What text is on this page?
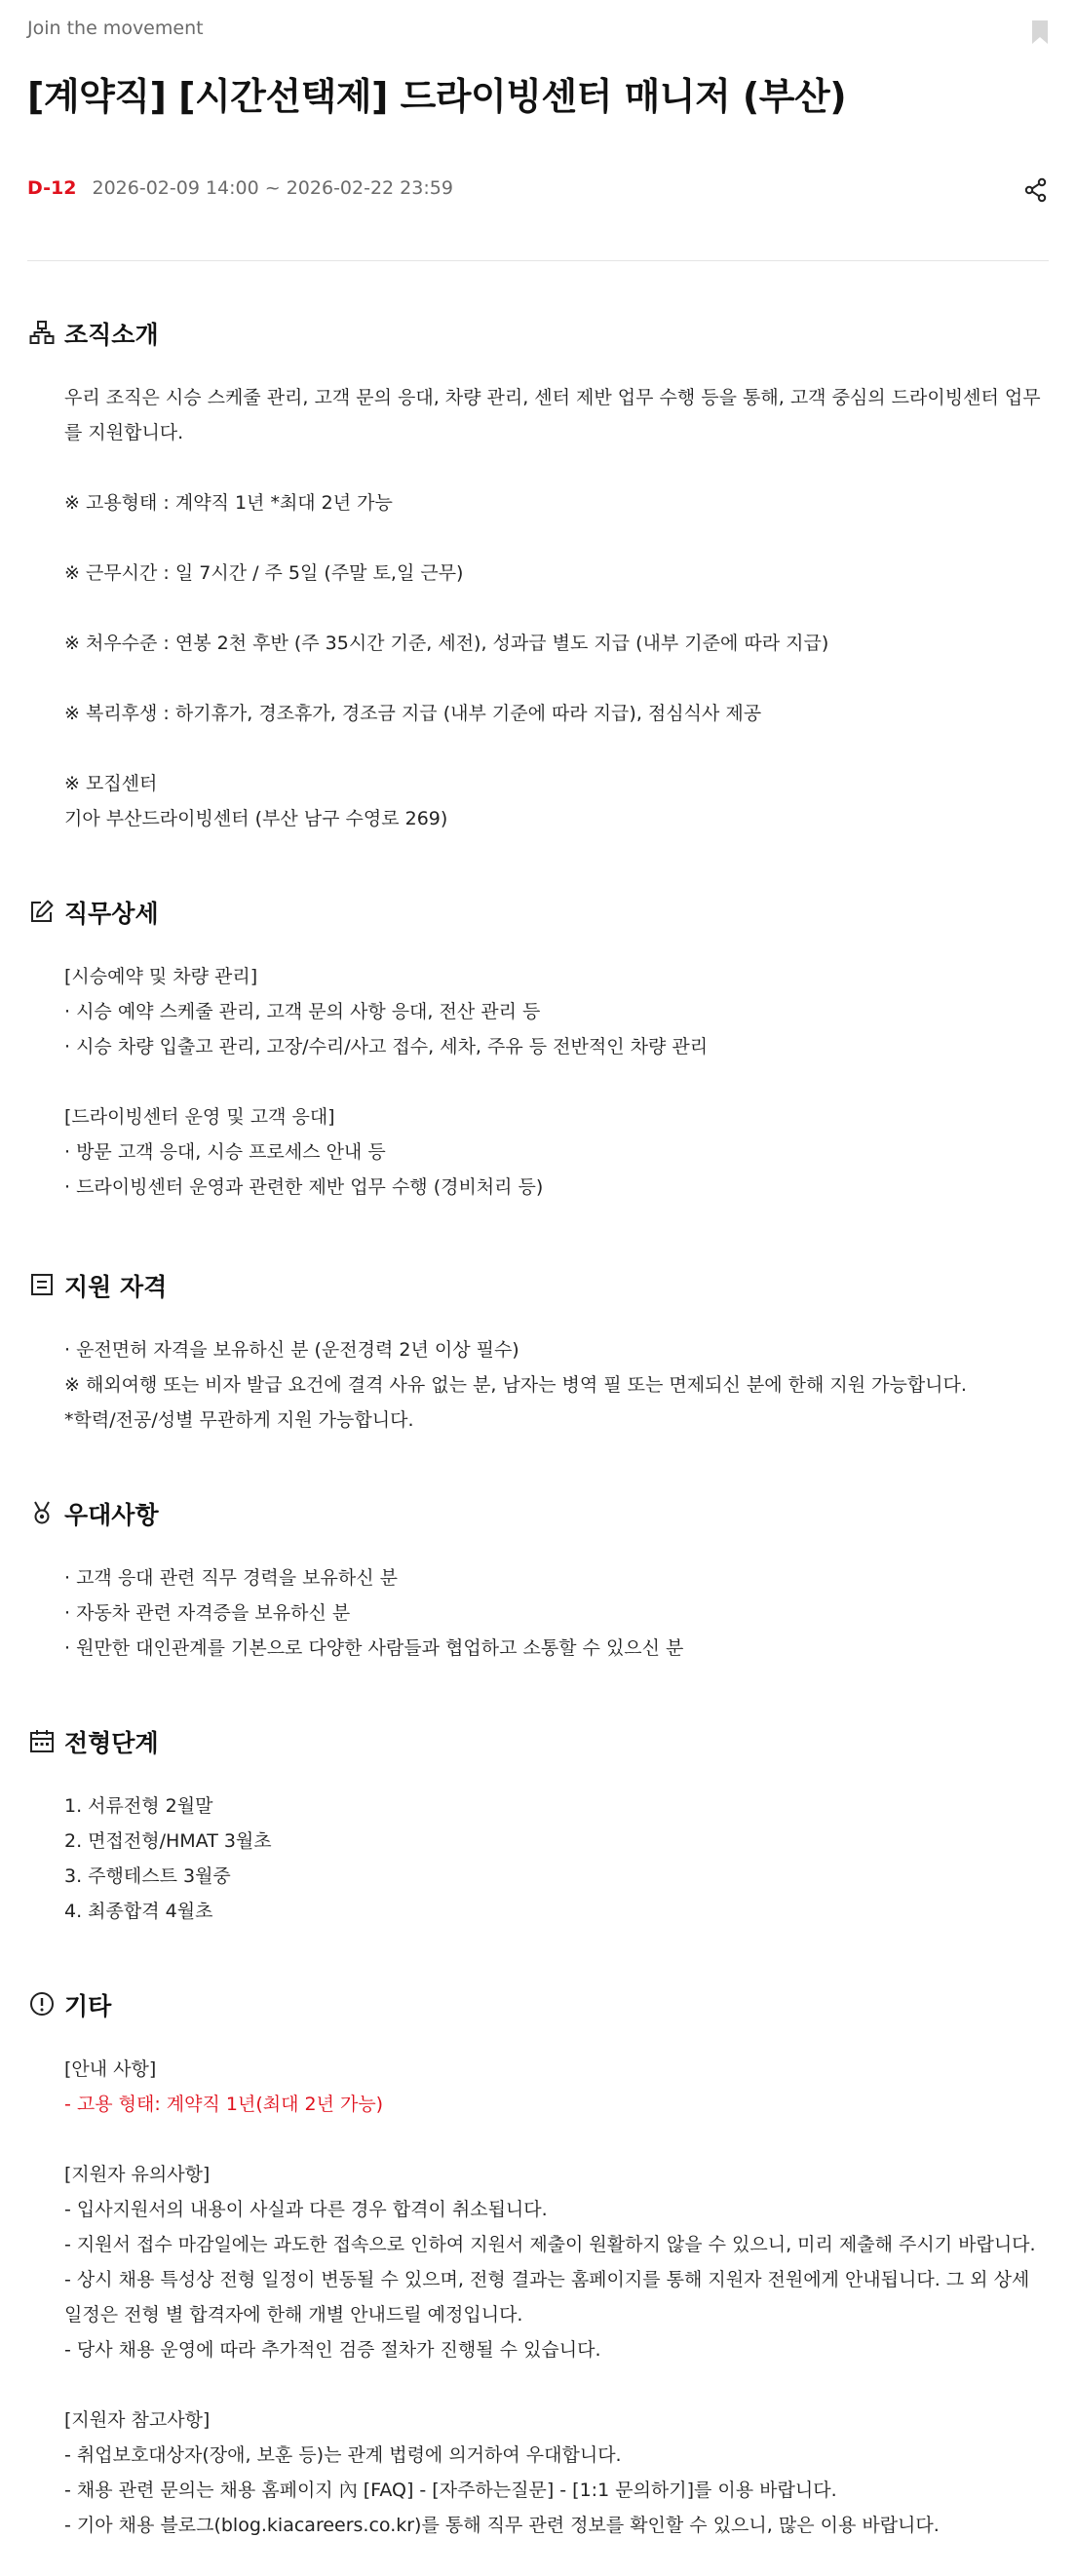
Join the movement
[계약직] [시간선택제] 드라이빙센터 매니저 (부산)
D-12 2026-02-09 14:00 ~ 2026-02-22 23:59
조직소개
우리 조직은 시승 스케줄 관리, 고객 문의 응대, 차량 관리, 센터 제반 업무 수행 등을 통해, 고객 중심의 드라이빙센터 업무를 지원합니다.
※ 고용형태 : 계약직 1년 *최대 2년 가능
※ 근무시간 : 일 7시간 / 주 5일 (주말 토,일 근무)
※ 처우수준 : 연봉 2천 후반 (주 35시간 기준, 세전), 성과급 별도 지급 (내부 기준에 따라 지급)
※ 복리후생 : 하기휴가, 경조휴가, 경조금 지급 (내부 기준에 따라 지급), 점심식사 제공
※ 모집센터
기아 부산드라이빙센터 (부산 남구 수영로 269)
직무상세
[시승예약 및 차량 관리]
· 시승 예약 스케줄 관리, 고객 문의 사항 응대, 전산 관리 등
· 시승 차량 입출고 관리, 고장/수리/사고 접수, 세차, 주유 등 전반적인 차량 관리
[드라이빙센터 운영 및 고객 응대]
· 방문 고객 응대, 시승 프로세스 안내 등
· 드라이빙센터 운영과 관련한 제반 업무 수행 (경비처리 등)
지원 자격
· 운전면허 자격을 보유하신 분 (운전경력 2년 이상 필수)
※ 해외여행 또는 비자 발급 요건에 결격 사유 없는 분, 남자는 병역 필 또는 면제되신 분에 한해 지원 가능합니다.
*학력/전공/성별 무관하게 지원 가능합니다.
우대사항
· 고객 응대 관련 직무 경력을 보유하신 분
· 자동차 관련 자격증을 보유하신 분
· 원만한 대인관계를 기본으로 다양한 사람들과 협업하고 소통할 수 있으신 분
전형단계
1. 서류전형 2월말
2. 면접전형/HMAT 3월초
3. 주행테스트 3월중
4. 최종합격 4월초
기타
[안내 사항]
- 고용 형태: 계약직 1년(최대 2년 가능)
[지원자 유의사항]
- 입사지원서의 내용이 사실과 다른 경우 합격이 취소됩니다.
- 지원서 접수 마감일에는 과도한 접속으로 인하여 지원서 제출이 원활하지 않을 수 있으니, 미리 제출해 주시기 바랍니다.
- 상시 채용 특성상 전형 일정이 변동될 수 있으며, 전형 결과는 홈페이지를 통해 지원자 전원에게 안내됩니다. 그 외 상세 일정은 전형 별 합격자에 한해 개별 안내드릴 예정입니다.
- 당사 채용 운영에 따라 추가적인 검증 절차가 진행될 수 있습니다.
[지원자 참고사항]
- 취업보호대상자(장애, 보훈 등)는 관계 법령에 의거하여 우대합니다.
- 채용 관련 문의는 채용 홈페이지 內 [FAQ] - [자주하는질문] - [1:1 문의하기]를 이용 바랍니다.
- 기아 채용 블로그(blog.kiacareers.co.kr)를 통해 직무 관련 정보를 확인할 수 있으니, 많은 이용 바랍니다.
